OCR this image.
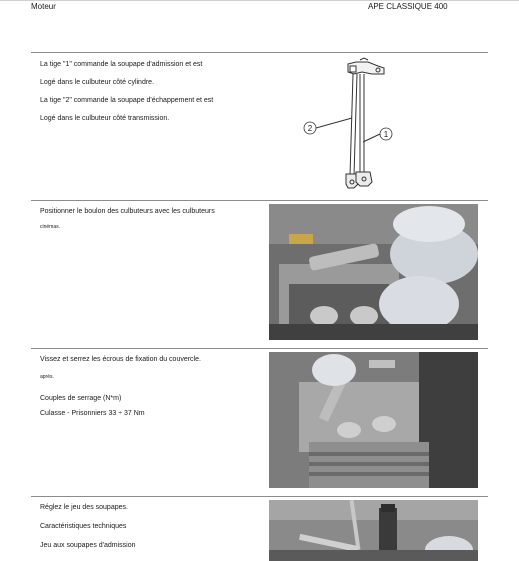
Moteur	APE CLASSIQUE 400
La tige "1" commande la soupape d'admission et est
Logé dans le culbuteur côté cylindre.
La tige "2" commande la soupape d'échappement et est
Logé dans le culbuteur côté transmission.
2
1
Positionner le boulon des culbuteurs avec les culbuteurs
cinémas.
Vissez et serrez les écrous de fixation du couvercle.
après.
Couples de serrage (N*m)
Culasse - Prisonniers 33 ÷ 37 Nm
Réglez le jeu des soupapes.
Caractéristiques techniques
Jeu aux soupapes d'admission
